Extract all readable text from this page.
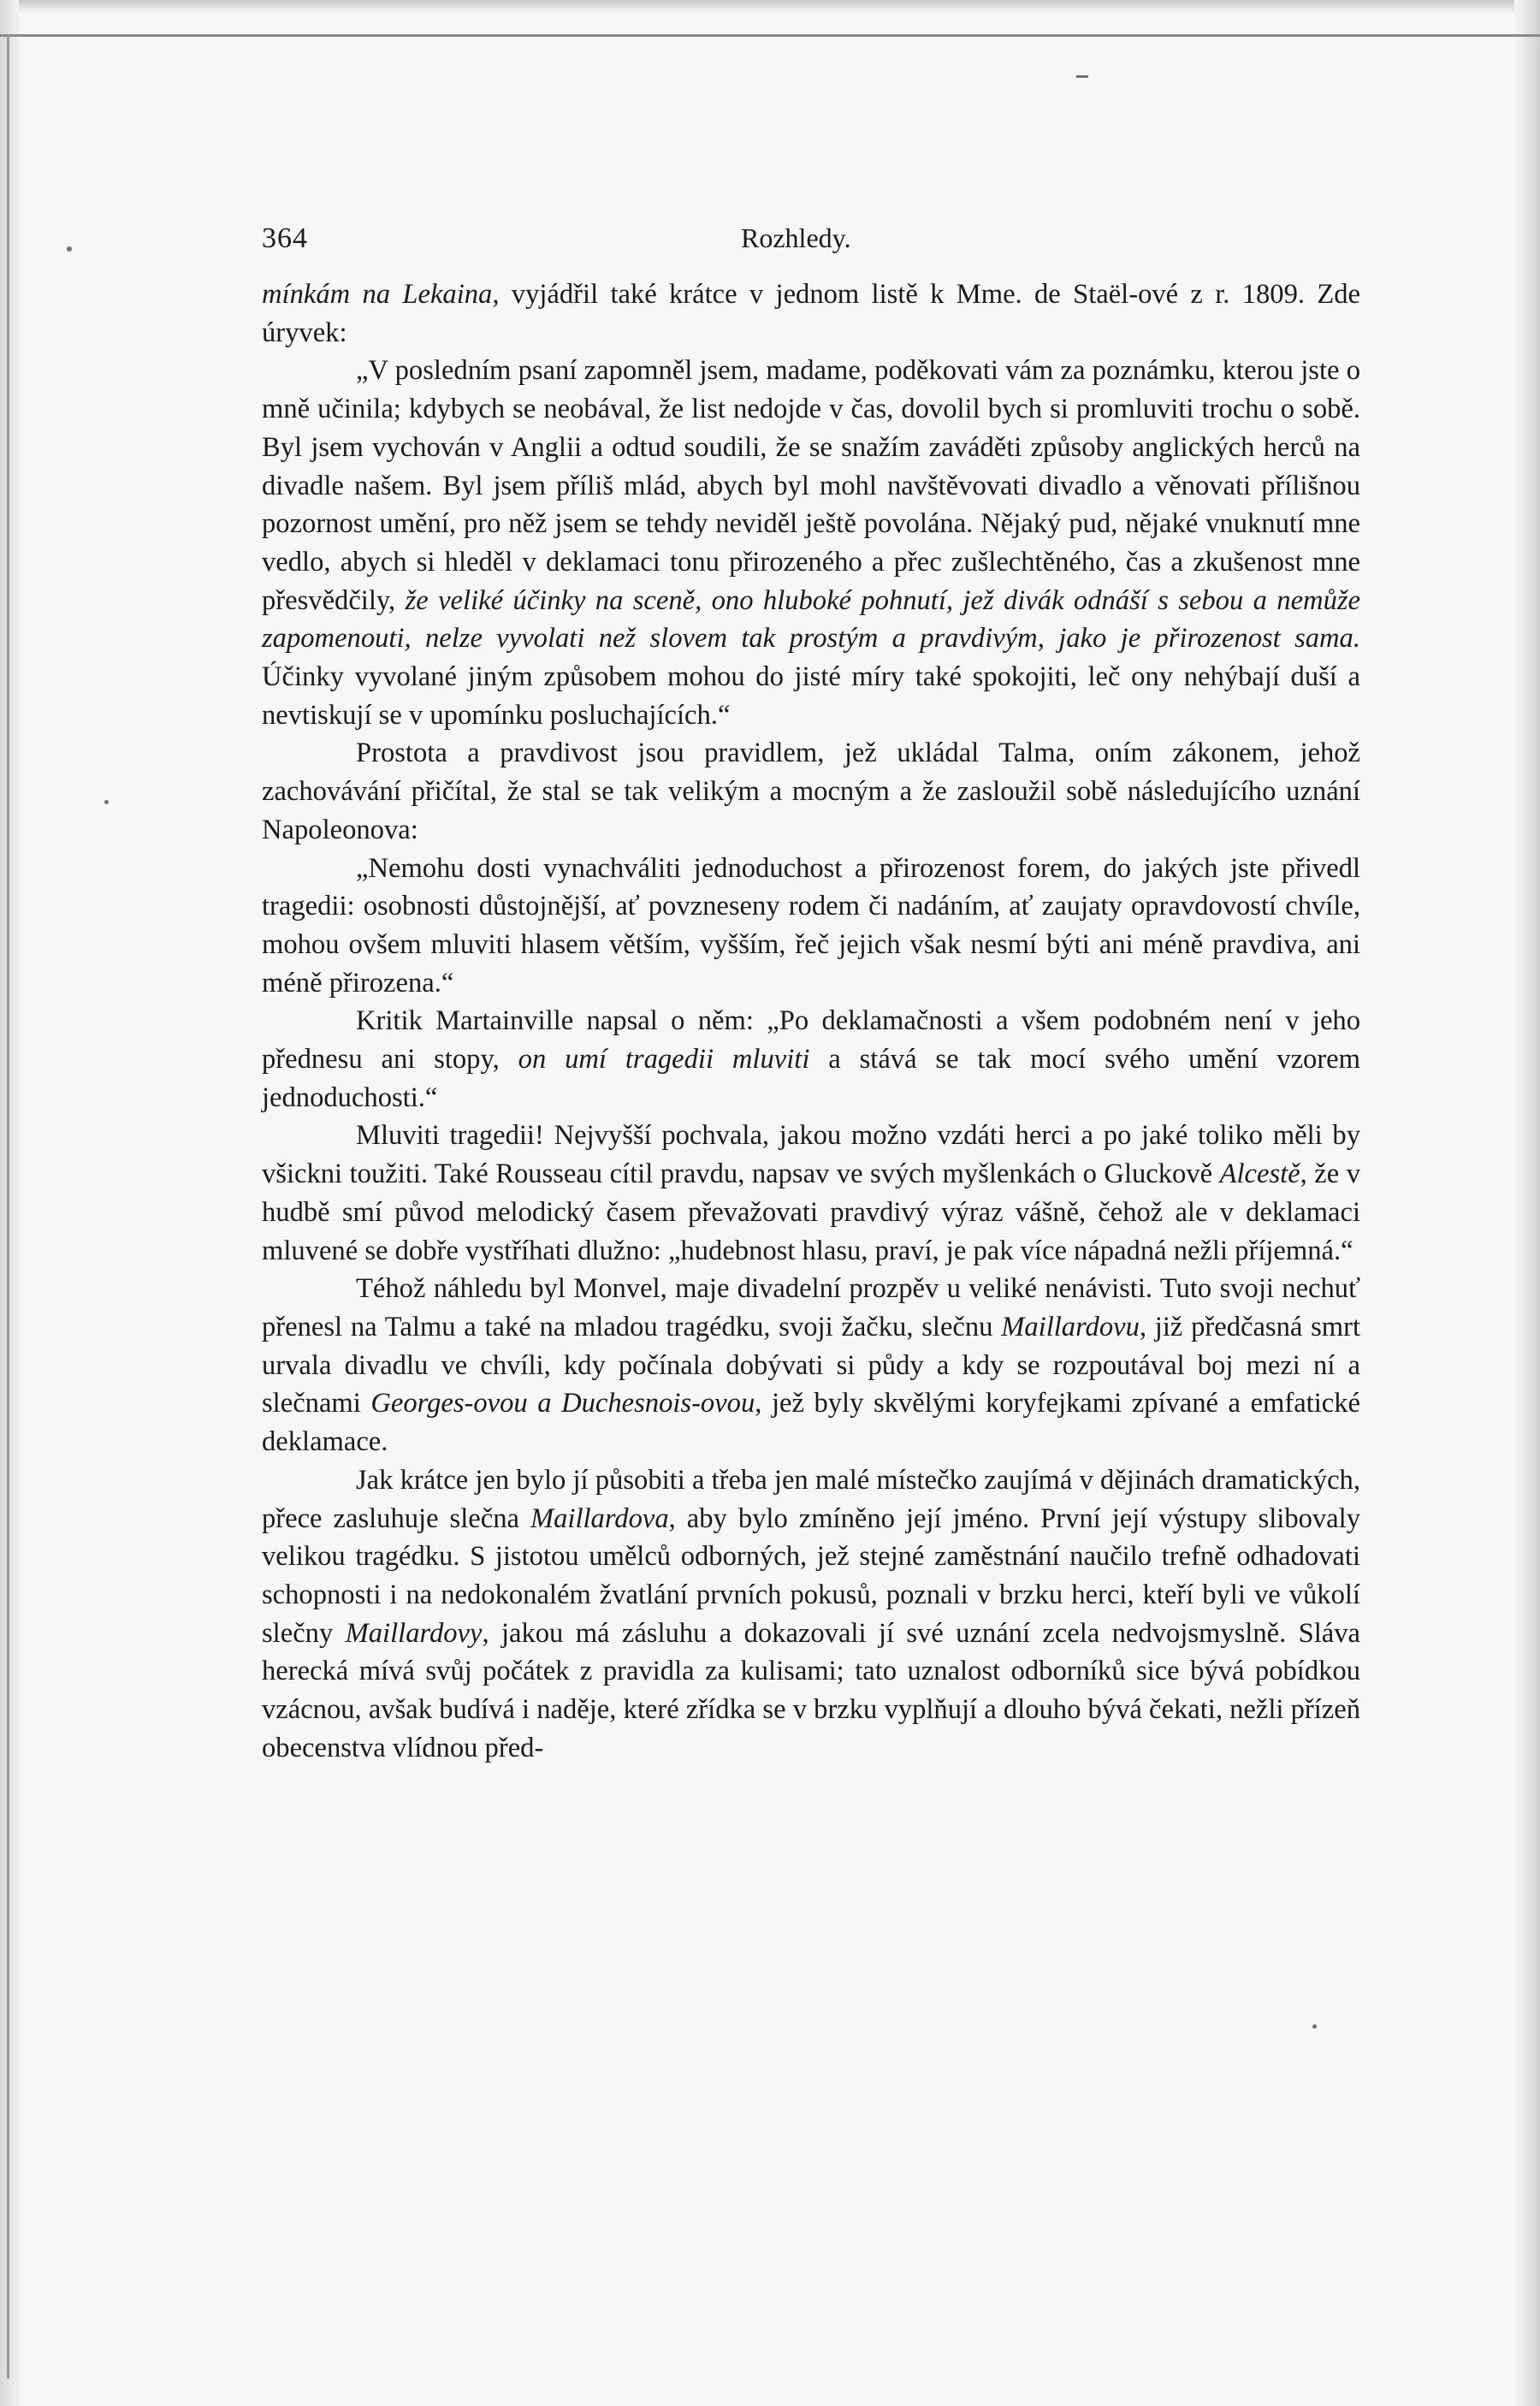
364	Rozhledy.

mínkám na Lekaina, vyjádřil také krátce v jednom listě k Mme. de Staël-ové z r. 1809. Zde úryvek:

„V posledním psaní zapomněl jsem, madame, poděkovati vám za poznámku, kterou jste o mně učinila; kdybych se neobával, že list nedojde v čas, dovolil bych si promluviti trochu o sobě. Byl jsem vychován v Anglii a odtud soudili, že se snažím zaváděti způsoby anglických herců na divadle našem. Byl jsem příliš mlád, abych byl mohl navštěvovati divadlo a věnovati přílišnou pozornost umění, pro něž jsem se tehdy neviděl ještě povolána. Nějaký pud, nějaké vnuknutí mne vedlo, abych si hleděl v deklamaci tonu přirozeného a přec zušlechtěného, čas a zkušenost mne přesvědčily, že veliké účinky na sceně, ono hluboké pohnutí, jež divák odnáší s sebou a nemůže zapomenouti, nelze vyvolati než slovem tak prostým a pravdivým, jako je přirozenost sama. Účinky vyvolané jiným způsobem mohou do jisté míry také spokojiti, leč ony nehýbají duší a nevtiskují se v upomínku posluchajících.“

Prostota a pravdivost jsou pravidlem, jež ukládal Talma, oním zákonem, jehož zachovávání přičítal, že stal se tak velikým a mocným a že zasloužil sobě následujícího uznání Napoleonova:

„Nemohu dosti vynachváliti jednoduchost a přirozenost forem, do jakých jste přivedl tragedii: osobnosti důstojnější, ať povzneseny rodem či nadáním, ať zaujaty opravdovostí chvíle, mohou ovšem mluviti hlasem větším, vyšším, řeč jejich však nesmí býti ani méně pravdiva, ani méně přirozena.“

Kritik Martainville napsal o něm: „Po deklamačnosti a všem podobném není v jeho přednesu ani stopy, on umí tragedii mluviti a stává se tak mocí svého umění vzorem jednoduchosti.“

Mluviti tragedii! Nejvyšší pochvala, jakou možno vzdáti herci a po jaké toliko měli by všickni toužiti. Také Rousseau cítil pravdu, napsav ve svých myšlenkách o Gluckově Alcestě, že v hudbě smí původ melodický časem převažovati pravdivý výraz vášně, čehož ale v deklamaci mluvené se dobře vystříhati dlužno: „hudebnost hlasu, praví, je pak více nápadná nežli příjemná.“

Téhož náhledu byl Monvel, maje divadelní prozpěv u veliké nenávisti. Tuto svoji nechuť přenesl na Talmu a také na mladou tragédku, svoji žačku, slečnu Maillardovu, již předčasná smrt urvala divadlu ve chvíli, kdy počínala dobývati si půdy a kdy se rozpoutával boj mezi ní a slečnami Georges-ovou a Duchesnois-ovou, jež byly skvělými koryfejkami zpívané a emfatické deklamace.

Jak krátce jen bylo jí působiti a třeba jen malé místečko zaujímá v dějinách dramatických, přece zasluhuje slečna Maillardova, aby bylo zmíněno její jméno. První její výstupy slibovaly velikou tragédku. S jistotou umělců odborných, jež stejné zaměstnání naučilo trefně odhadovati schopnosti i na nedokonalém žvatlání prvních pokusů, poznali v brzku herci, kteří byli ve vůkolí slečny Maillardovy, jakou má zásluhu a dokazovali jí své uznání zcela nedvojsmyslně. Sláva herecká mívá svůj počátek z pravidla za kulisami; tato uznalost odborníků sice bývá pobídkou vzácnou, avšak budívá i naděje, které zřídka se v brzku vyplňují a dlouho bývá čekati, nežli přízeň obecenstva vlídnou před-
